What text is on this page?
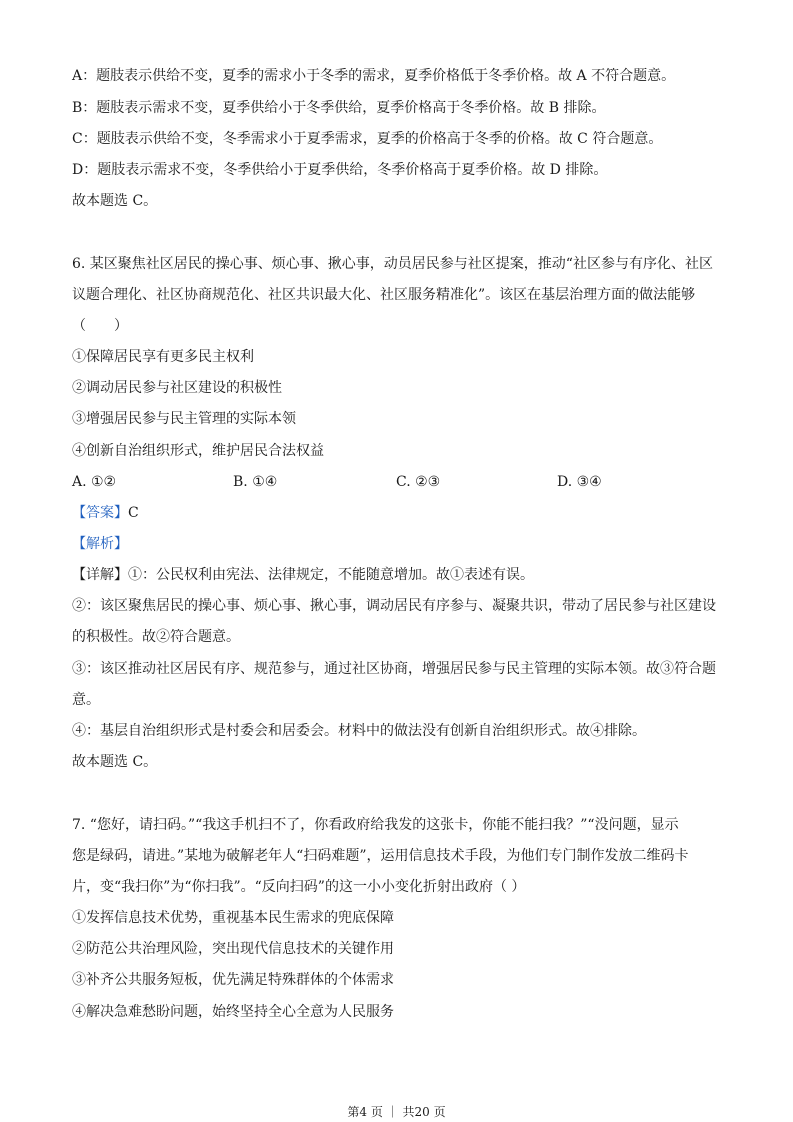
A：题肢表示供给不变，夏季的需求小于冬季的需求，夏季价格低于冬季价格。故 A 不符合题意。
B：题肢表示需求不变，夏季供给小于冬季供给，夏季价格高于冬季价格。故 B 排除。
C：题肢表示供给不变，冬季需求小于夏季需求，夏季的价格高于冬季的价格。故 C 符合题意。
D：题肢表示需求不变，冬季供给小于夏季供给，冬季价格高于夏季价格。故 D 排除。
故本题选 C。
6. 某区聚焦社区居民的操心事、烦心事、揪心事，动员居民参与社区提案，推动“社区参与有序化、社区
议题合理化、社区协商规范化、社区共识最大化、社区服务精准化”。该区在基层治理方面的做法能够
（　　）
①保障居民享有更多民主权利
②调动居民参与社区建设的积极性
③增强居民参与民主管理的实际本领
④创新自治组织形式，维护居民合法权益
A. ①②	B. ①④	C. ②③	D. ③④
【答案】C
【解析】
【详解】①：公民权利由宪法、法律规定，不能随意增加。故①表述有误。
②：该区聚焦居民的操心事、烦心事、揪心事，调动居民有序参与、凝聚共识，带动了居民参与社区建设
的积极性。故②符合题意。
③：该区推动社区居民有序、规范参与，通过社区协商，增强居民参与民主管理的实际本领。故③符合题
意。
④：基层自治组织形式是村委会和居委会。材料中的做法没有创新自治组织形式。故④排除。
故本题选 C。
7. “您好，请扫码。”“我这手机扫不了，你看政府给我发的这张卡，你能不能扫我？”“没问题，显示
您是绿码，请进。”某地为破解老年人“扫码难题”，运用信息技术手段，为他们专门制作发放二维码卡
片，变“我扫你”为“你扫我”。“反向扫码”的这一小小变化折射出政府（ ）
①发挥信息技术优势，重视基本民生需求的兜底保障
②防范公共治理风险，突出现代信息技术的关键作用
③补齐公共服务短板，优先满足特殊群体的个体需求
④解决急难愁盼问题，始终坚持全心全意为人民服务
第4 页 ｜ 共20 页
